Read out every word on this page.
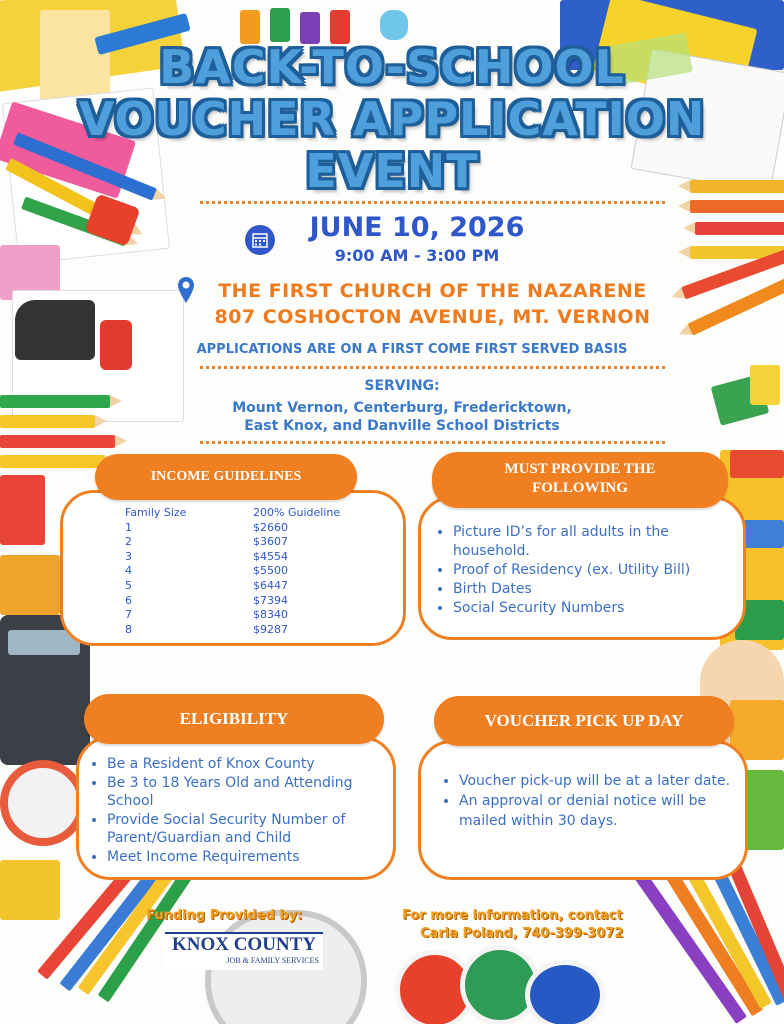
BACK-TO-SCHOOL
VOUCHER APPLICATION
EVENT
JUNE 10, 2026
9:00 AM - 3:00 PM
THE FIRST CHURCH OF THE NAZARENE
807 COSHOCTON AVENUE, MT. VERNON
APPLICATIONS ARE ON A FIRST COME FIRST SERVED BASIS
SERVING:
Mount Vernon, Centerburg, Fredericktown,
East Knox, and Danville School Districts
INCOME GUIDELINES
Family Size	200% Guideline
1	$2660
2	$3607
3	$4554
4	$5500
5	$6447
6	$7394
7	$8340
8	$9287
• Picture ID’s for all adults in the household.
• Proof of Residency (ex. Utility Bill)
• Birth Dates
• Social Security Numbers
MUST PROVIDE THE
FOLLOWING
• Be a Resident of Knox County
• Be 3 to 18 Years Old and Attending School
• Provide Social Security Number of Parent/Guardian and Child
• Meet Income Requirements
ELIGIBILITY
• Voucher pick-up will be at a later date.
• An approval or denial notice will be mailed within 30 days.
VOUCHER PICK UP DAY
Funding Provided by:
KNOX COUNTY
JOB & FAMILY SERVICES
For more information, contact
Carla Poland, 740-399-3072
